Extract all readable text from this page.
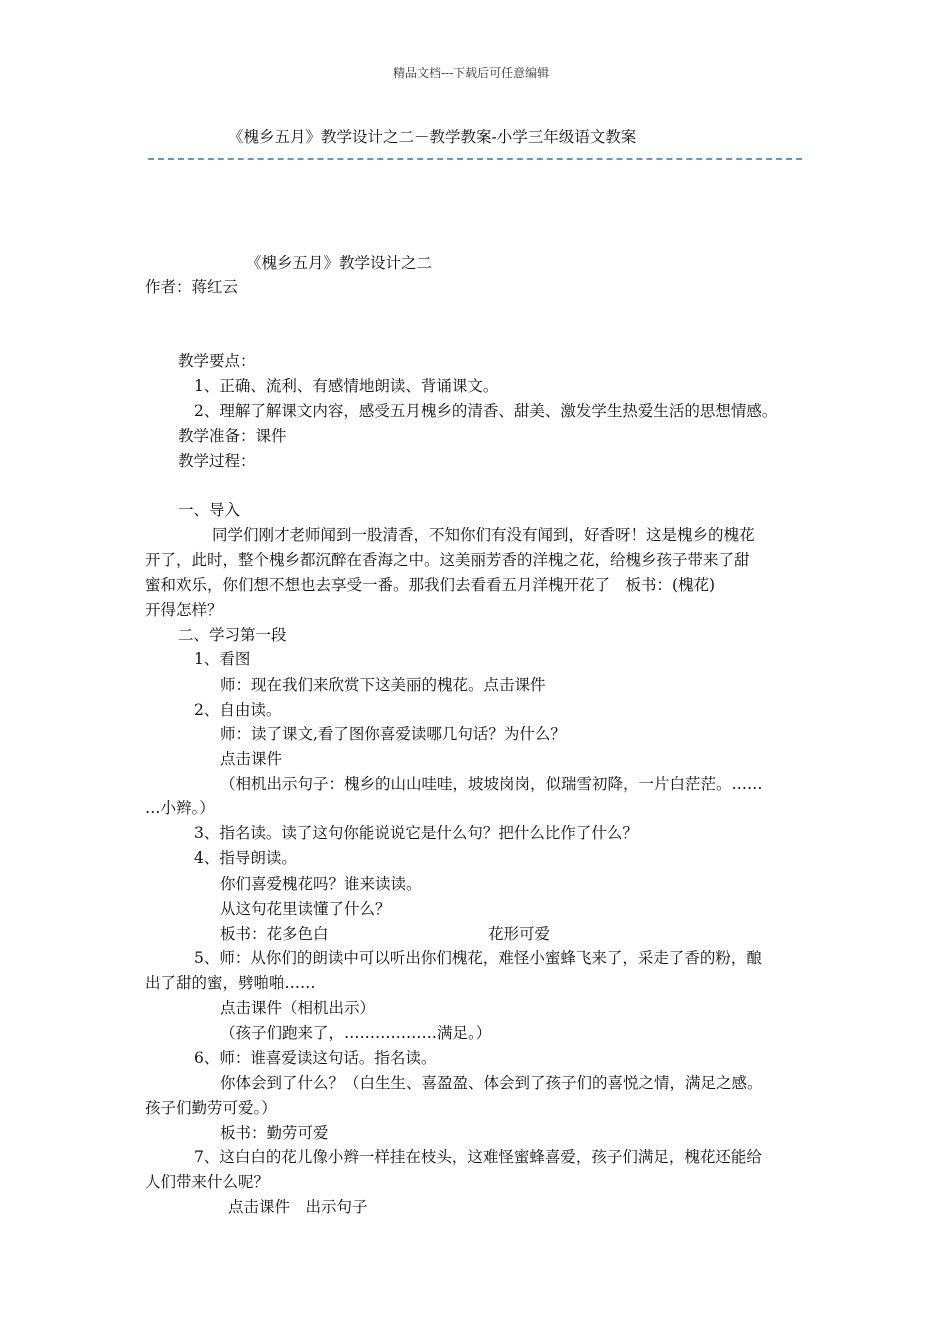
精品文档---下载后可任意编辑
《槐乡五月》教学设计之二－教学教案-小学三年级语文教案
《槐乡五月》教学设计之二
作者：蒋红云
教学要点：
1、正确、流利、有感情地朗读、背诵课文。
2、理解了解课文内容，感受五月槐乡的清香、甜美、激发学生热爱生活的思想情感。
教学准备：课件
教学过程：
一、导入
同学们刚才老师闻到一股清香，不知你们有没有闻到，好香呀！这是槐乡的槐花
开了，此时，整个槐乡都沉醉在香海之中。这美丽芳香的洋槐之花，给槐乡孩子带来了甜
蜜和欢乐，你们想不想也去享受一番。那我们去看看五月洋槐开花了　板书：(槐花)
开得怎样？
二、学习第一段
1、看图
师：现在我们来欣赏下这美丽的槐花。点击课件
2、自由读。
师：读了课文,看了图你喜爱读哪几句话？为什么？
点击课件
（相机出示句子：槐乡的山山哇哇，坡坡岗岗，似瑞雪初降，一片白茫茫。……
…小辫。）
3、指名读。读了这句你能说说它是什么句？把什么比作了什么？
4、指导朗读。
你们喜爱槐花吗？谁来读读。
从这句花里读懂了什么？
板书：花多色白	花形可爱
5、师：从你们的朗读中可以听出你们槐花，难怪小蜜蜂飞来了，采走了香的粉，酿
出了甜的蜜，劈啪啪……
点击课件（相机出示）
（孩子们跑来了，………………满足。）
6、师：谁喜爱读这句话。指名读。
你体会到了什么？（白生生、喜盈盈、体会到了孩子们的喜悦之情，满足之感。
孩子们勤劳可爱。）
板书：勤劳可爱
7、这白白的花儿像小辫一样挂在枝头，这难怪蜜蜂喜爱，孩子们满足，槐花还能给
人们带来什么呢？
点击课件　出示句子
